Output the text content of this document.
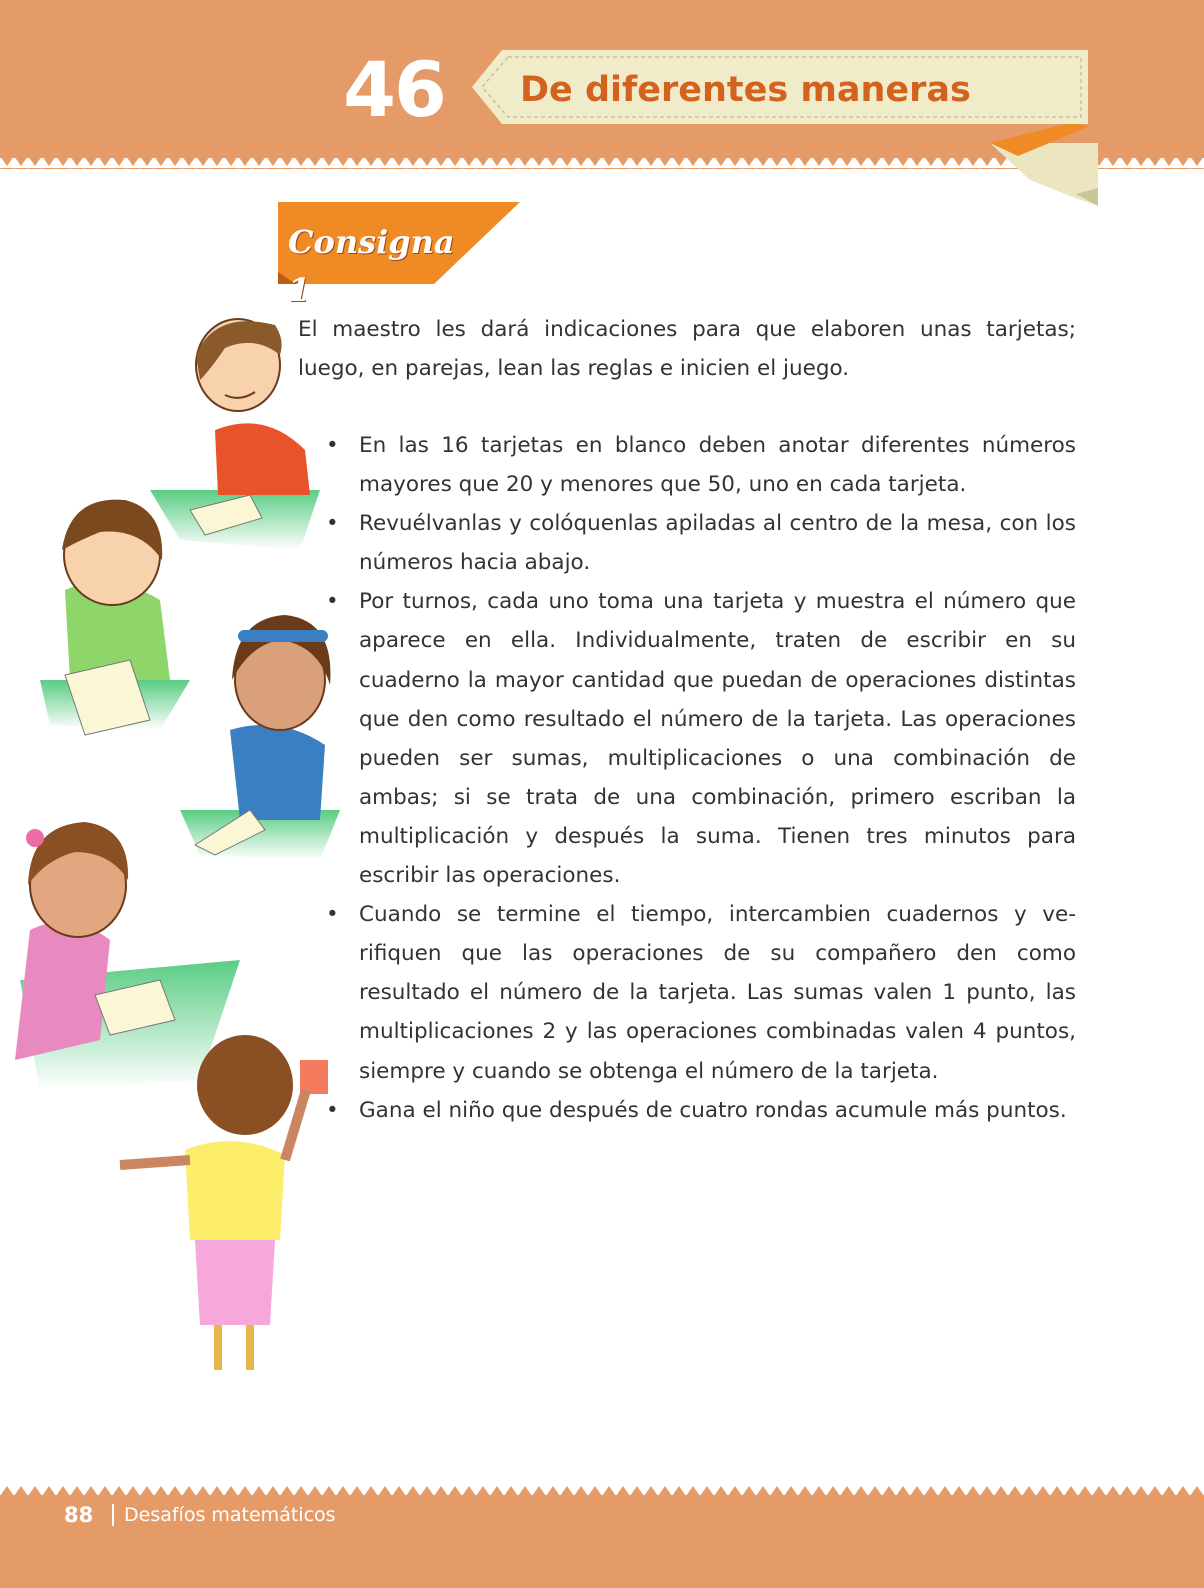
46 De diferentes maneras
Consigna 1

El maestro les dará indicaciones para que elaboren unas tarjetas; luego, en parejas, lean las reglas e inicien el juego.

• En las 16 tarjetas en blanco deben anotar diferentes números mayores que 20 y menores que 50, uno en cada tarjeta.
• Revuélvanlas y colóquenlas apiladas al centro de la mesa, con los números hacia abajo.
• Por turnos, cada uno toma una tarjeta y muestra el número que aparece en ella. Individualmente, traten de escribir en su cuaderno la mayor cantidad que puedan de operaciones distintas que den como resultado el número de la tarjeta. Las operaciones pueden ser sumas, multiplicaciones o una combinación de ambas; si se trata de una combinación, primero escriban la multiplicación y después la suma. Tienen tres minutos para escribir las operaciones.
• Cuando se termine el tiempo, intercambien cuadernos y verifiquen que las operaciones de su compañero den como resultado el número de la tarjeta. Las sumas valen 1 punto, las multiplicaciones 2 y las operaciones combinadas valen 4 puntos, siempre y cuando se obtenga el número de la tarjeta.
• Gana el niño que después de cuatro rondas acumule más puntos.
88 Desafíos matemáticos
